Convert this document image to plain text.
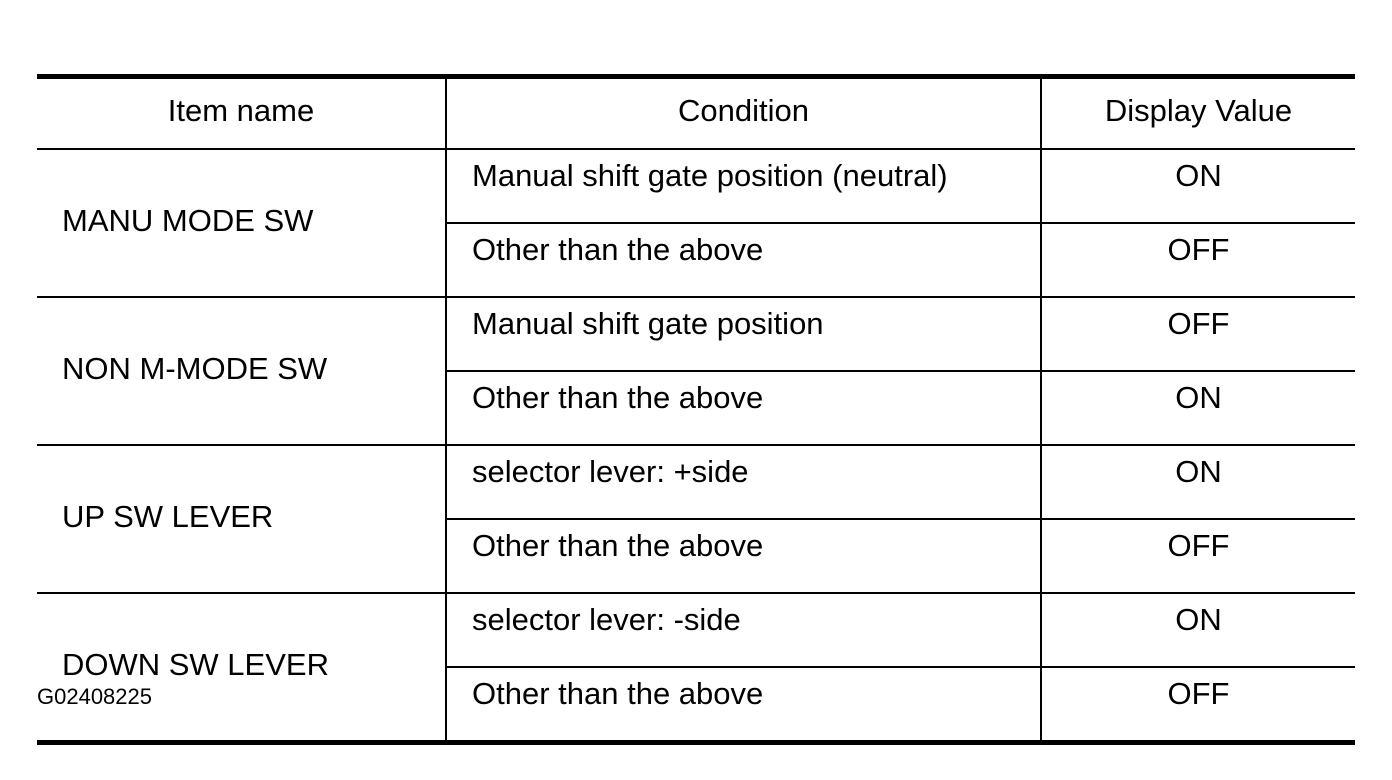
Item name	Condition	Display Value
MANU MODE SW	Manual shift gate position (neutral)	ON
	Other than the above	OFF
NON M-MODE SW	Manual shift gate position	OFF
	Other than the above	ON
UP SW LEVER	selector lever: +side	ON
	Other than the above	OFF
DOWN SW LEVER	selector lever: -side	ON
	Other than the above	OFF
G02408225
